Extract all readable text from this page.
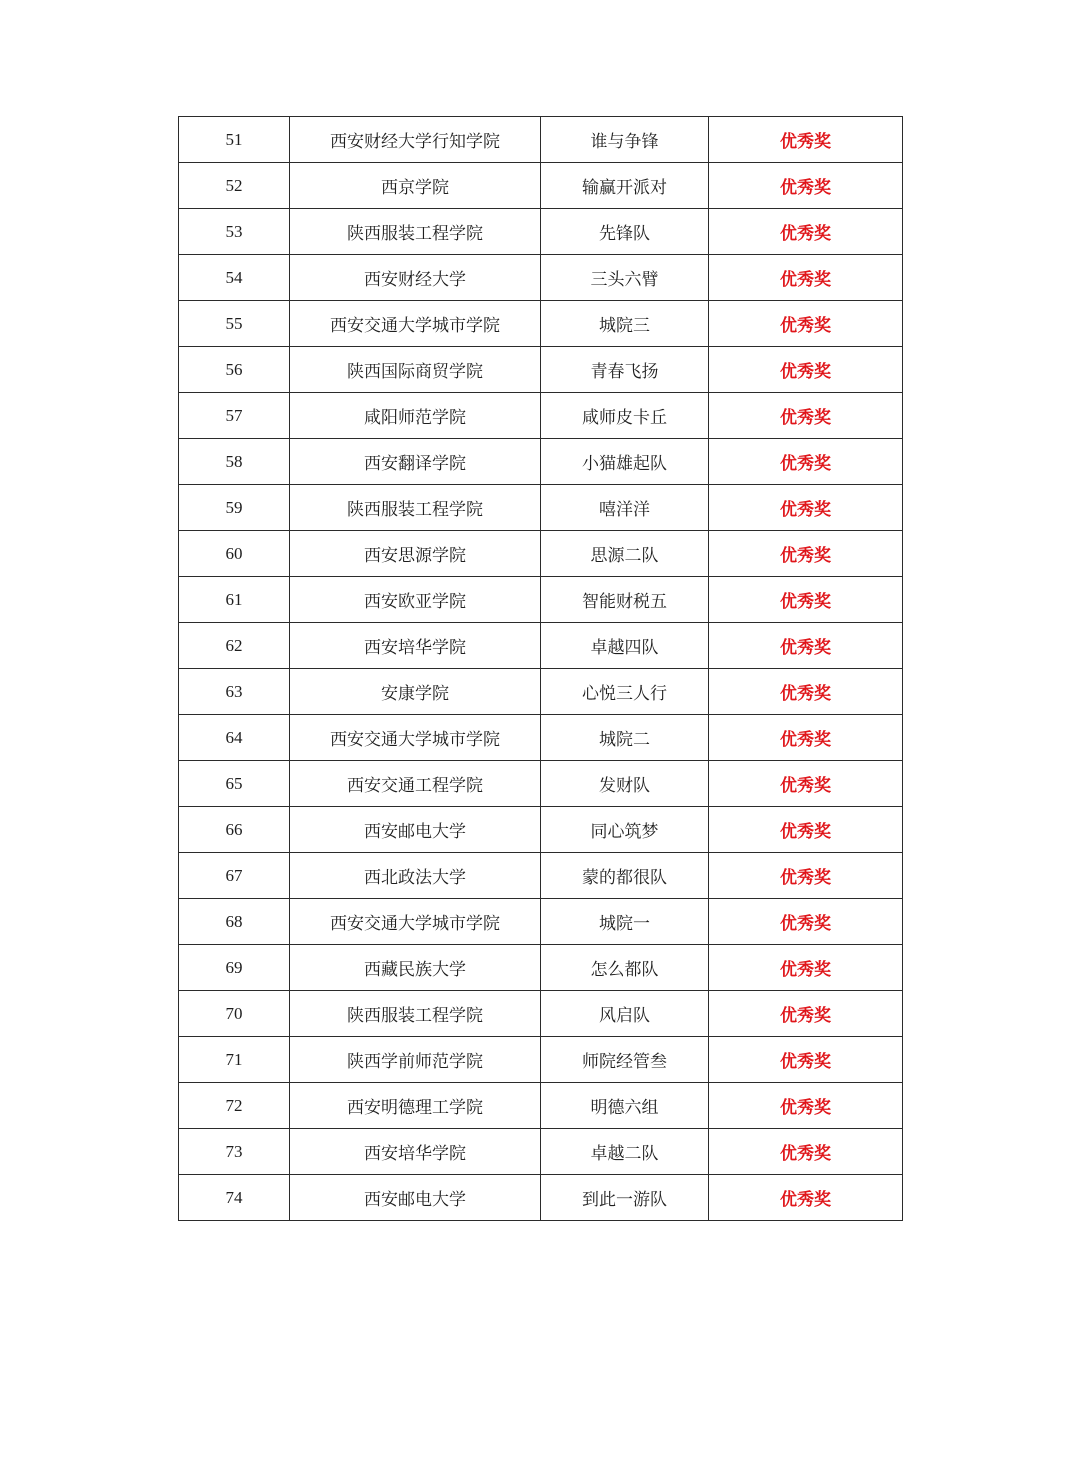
51	西安财经大学行知学院	谁与争锋	优秀奖
52	西京学院	输赢开派对	优秀奖
53	陕西服装工程学院	先锋队	优秀奖
54	西安财经大学	三头六臂	优秀奖
55	西安交通大学城市学院	城院三	优秀奖
56	陕西国际商贸学院	青春飞扬	优秀奖
57	咸阳师范学院	咸师皮卡丘	优秀奖
58	西安翻译学院	小猫雄起队	优秀奖
59	陕西服装工程学院	嘻洋洋	优秀奖
60	西安思源学院	思源二队	优秀奖
61	西安欧亚学院	智能财税五	优秀奖
62	西安培华学院	卓越四队	优秀奖
63	安康学院	心悦三人行	优秀奖
64	西安交通大学城市学院	城院二	优秀奖
65	西安交通工程学院	发财队	优秀奖
66	西安邮电大学	同心筑梦	优秀奖
67	西北政法大学	蒙的都很队	优秀奖
68	西安交通大学城市学院	城院一	优秀奖
69	西藏民族大学	怎么都队	优秀奖
70	陕西服装工程学院	风启队	优秀奖
71	陕西学前师范学院	师院经管叁	优秀奖
72	西安明德理工学院	明德六组	优秀奖
73	西安培华学院	卓越二队	优秀奖
74	西安邮电大学	到此一游队	优秀奖
